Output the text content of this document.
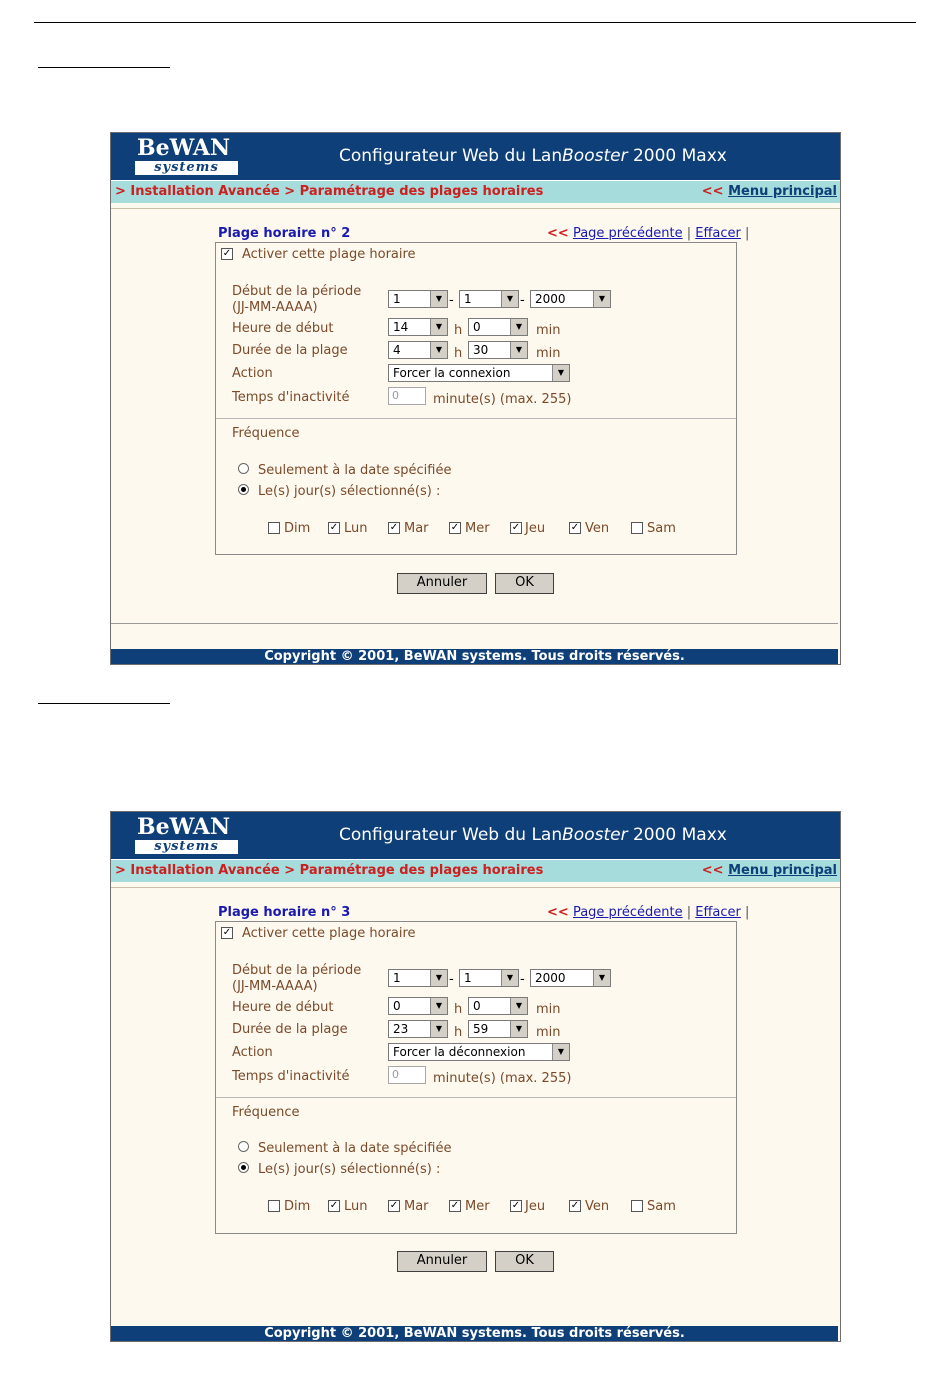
BeWAN
systems
Configurateur Web du LanBooster 2000 Maxx
> Installation Avancée > Paramétrage des plages horaires	<< Menu principal
Plage horaire n° 2	<< Page précédente | Effacer |
✓ Activer cette plage horaire
Début de la période
(JJ-MM-AAAA)
1	▼ - 1	▼ - 2000	▼
Heure de début	14	▼ h 0	▼	min
Durée de la plage	4	▼ h 30	▼	min
Action	Forcer la connexion	▼
Temps d'inactivité	0	minute(s) (max. 255)
Fréquence
Seulement à la date spécifiée
Le(s) jour(s) sélectionné(s) :
Dim ✓ Lun ✓ Mar ✓ Mer ✓ Jeu	✓ Ven	Sam
Annuler	OK
Copyright © 2001, BeWAN systems. Tous droits réservés.
BeWAN
systems
Configurateur Web du LanBooster 2000 Maxx
> Installation Avancée > Paramétrage des plages horaires	<< Menu principal
Plage horaire n° 3	<< Page précédente | Effacer |
✓ Activer cette plage horaire
Début de la période
(JJ-MM-AAAA)
1	▼ - 1	▼ - 2000	▼
Heure de début	0	▼ h 0	▼	min
Durée de la plage	23	▼ h 59	▼	min
Action	Forcer la déconnexion	▼
Temps d'inactivité	0	minute(s) (max. 255)
Fréquence
Seulement à la date spécifiée
Le(s) jour(s) sélectionné(s) :
Dim ✓ Lun ✓ Mar ✓ Mer ✓ Jeu	✓ Ven	Sam
Annuler	OK
Copyright © 2001, BeWAN systems. Tous droits réservés.
